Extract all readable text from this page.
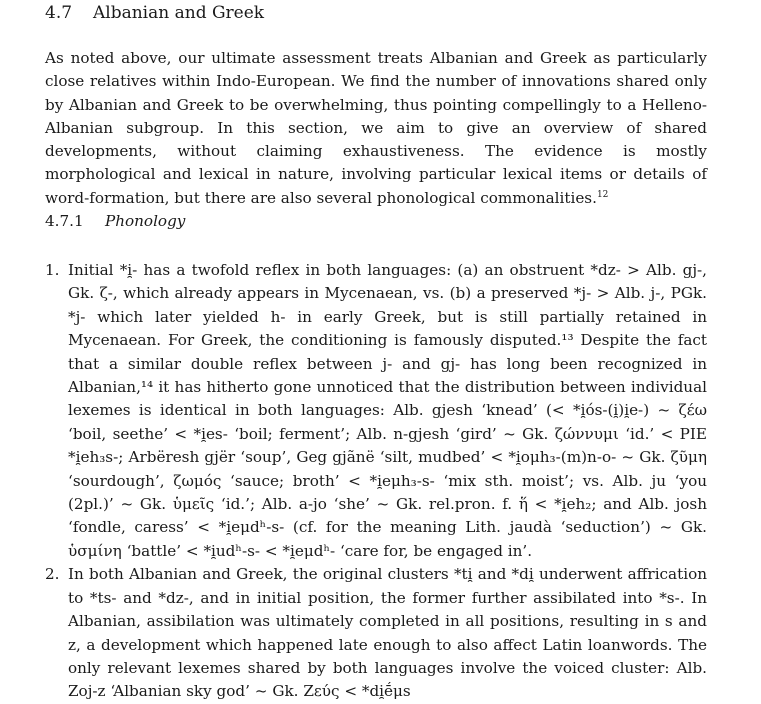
4.7 Albanian and Greek

As noted above, our ultimate assessment treats Albanian and Greek as particularly close relatives within Indo-European. We find the number of innovations shared only by Albanian and Greek to be overwhelming, thus pointing compellingly to a Helleno-Albanian subgroup. In this section, we aim to give an overview of shared developments, without claiming exhaustiveness. The evidence is mostly morphological and lexical in nature, involving particular lexical items or details of word-formation, but there are also several phonological commonalities.$^{12}$

4.7.1 Phonology
1. Initial *i̯- has a twofold reflex in both languages: (a) an obstruent *dz- > Alb. gj-, Gk. ζ-, which already appears in Mycenaean, vs. (b) a preserved *j- > Alb. j-, PGk. *j- which later yielded h- in early Greek, but is still partially retained in Mycenaean. For Greek, the conditioning is famously disputed.¹³ Despite the fact that a similar double reflex between j- and gj- has long been recognized in Albanian,¹⁴ it has hitherto gone unnoticed that the distribution between individual lexemes is identical in both languages: Alb. gjesh ‘knead’ (< *i̯ós-(i̯)i̯e-) ~ ζέω ‘boil, seethe’ < *i̯es- ‘boil; ferment’; Alb. n-gjesh ‘gird’ ~ Gk. ζώννυμι ‘id.’ < PIE *i̯eh₃s-; Arbëresh gjër ‘soup’, Geg gjãnë ‘silt, mudbed’ < *i̯oμh₃-(m)n-o- ~ Gk. ζῦμη ‘sourdough’, ζωμός ‘sauce; broth’ < *i̯eμh₃-s- ‘mix sth. moist’; vs. Alb. ju ‘you (2pl.)’ ~ Gk. ὑμεῖς ‘id.’; Alb. a-jo ‘she’ ~ Gk. rel.pron. f. ἥ < *i̯eh₂; and Alb. josh ‘fondle, caress’ < *i̯eμdʰ-s- (cf. for the meaning Lith. jaudà ‘seduction’) ~ Gk. ὑσμίνη ‘battle’ < *i̯udʰ-s- < *i̯eμdʰ- ‘care for, be engaged in’.
2. In both Albanian and Greek, the original clusters *ti̯ and *di̯ underwent affrication to *ts- and *dz-, and in initial position, the former further assibilated into *s-. In Albanian, assibilation was ultimately completed in all positions, resulting in s and z, a development which happened late enough to also affect Latin loanwords. The only relevant lexemes shared by both languages involve the voiced cluster: Alb. Zoj-z ‘Albanian sky god’ ~ Gk. Ζεύς < *di̯ḗμs
